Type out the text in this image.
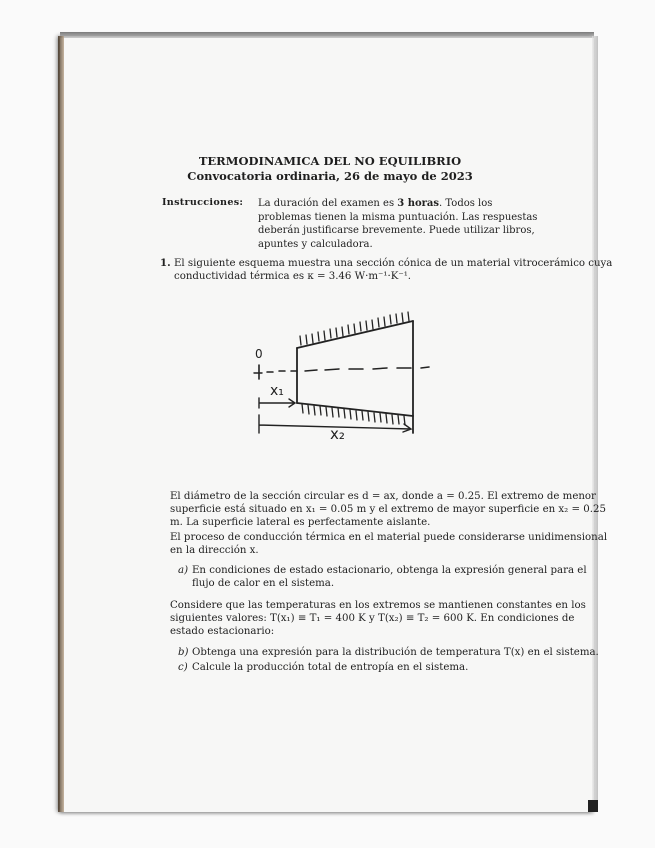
TERMODINAMICA DEL NO EQUILIBRIO
Convocatoria ordinaria, 26 de mayo de 2023
Instrucciones: La duración del examen es 3 horas. Todos los problemas tienen la misma puntuación. Las respuestas deberán justificarse brevemente. Puede utilizar libros, apuntes y calculadora.
1. El siguiente esquema muestra una sección cónica de un material vitrocerámico cuya
conductividad térmica es κ = 3.46 W·m⁻¹·K⁻¹.
0
x₁
x₂
El diámetro de la sección circular es d = ax, donde a = 0.25. El extremo de menor
superficie está situado en x₁ = 0.05 m y el extremo de mayor superficie en x₂ = 0.25
m. La superficie lateral es perfectamente aislante.
El proceso de conducción térmica en el material puede considerarse unidimensional
en la dirección x.
a) En condiciones de estado estacionario, obtenga la expresión general para el
flujo de calor en el sistema.
Considere que las temperaturas en los extremos se mantienen constantes en los
siguientes valores: T(x₁) ≡ T₁ = 400 K y T(x₂) ≡ T₂ = 600 K. En condiciones de
estado estacionario:
b) Obtenga una expresión para la distribución de temperatura T(x) en el sistema.
c) Calcule la producción total de entropía en el sistema.
